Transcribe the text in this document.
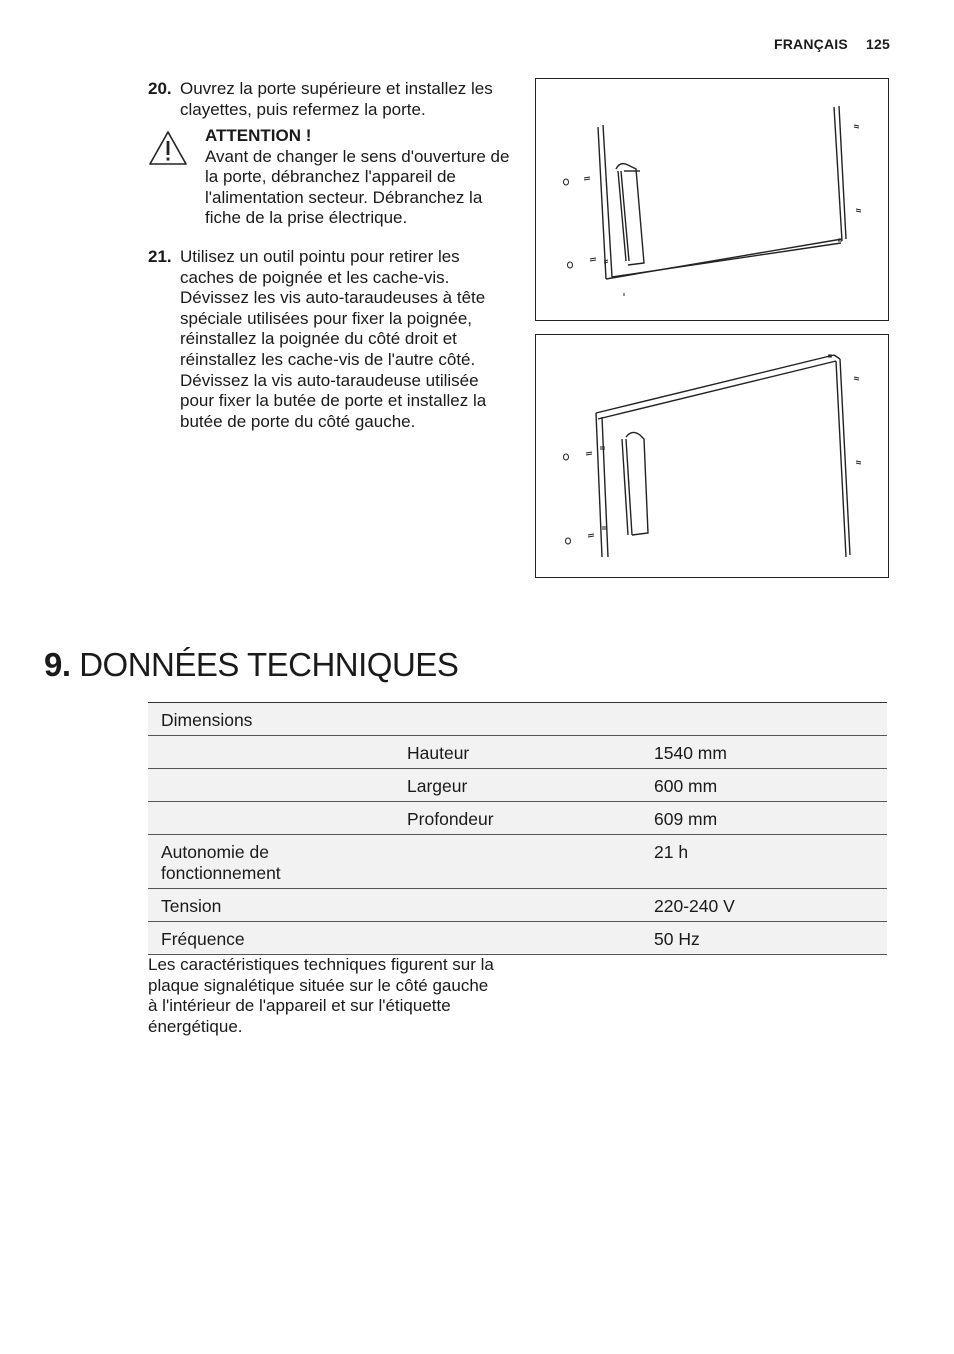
FRANÇAIS 125
20. Ouvrez la porte supérieure et installez les clayettes, puis refermez la porte.
ATTENTION !
Avant de changer le sens d'ouverture de la porte, débranchez l'appareil de l'alimentation secteur. Débranchez la fiche de la prise électrique.
21. Utilisez un outil pointu pour retirer les caches de poignée et les cache-vis. Dévissez les vis auto-taraudeuses à tête spéciale utilisées pour fixer la poignée, réinstallez la poignée du côté droit et réinstallez les cache-vis de l'autre côté. Dévissez la vis auto-taraudeuse utilisée pour fixer la butée de porte et installez la butée de porte du côté gauche.
9. DONNÉES TECHNIQUES
Dimensions		
	Hauteur	1540 mm
	Largeur	600 mm
	Profondeur	609 mm
Autonomie de fonctionnement		21 h
Tension		220-240 V
Fréquence		50 Hz
Les caractéristiques techniques figurent sur la plaque signalétique située sur le côté gauche à l'intérieur de l'appareil et sur l'étiquette énergétique.
